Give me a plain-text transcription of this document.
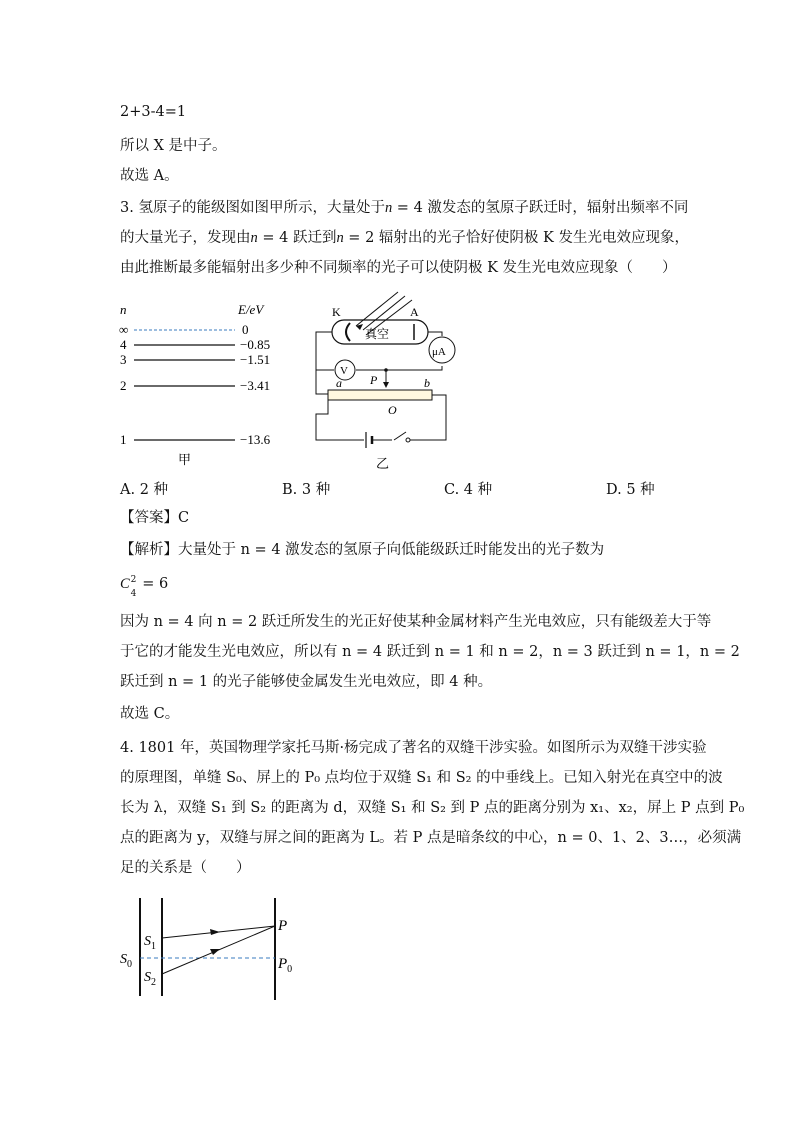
2+3-4=1
所以 X 是中子。
故选 A。
3. 氢原子的能级图如图甲所示，大量处于n = 4 激发态的氢原子跃迁时，辐射出频率不同
的大量光子，发现由n = 4 跃迁到n = 2 辐射出的光子恰好使阴极 K 发生光电效应现象，
由此推断最多能辐射出多少种不同频率的光子可以使阴极 K 发生光电效应现象（　　）
n	E/eV
∞	0
4	−0.85
3	−1.51
2	−3.41
1	−13.6
甲
K	A
真空
μA
V
P
a	b
O
乙
A. 2 种	B. 3 种	C. 4 种	D. 5 种
【答案】C
【解析】大量处于 n = 4 激发态的氢原子向低能级跃迁时能发出的光子数为
C 2
4
= 6
因为 n = 4 向 n = 2 跃迁所发生的光正好使某种金属材料产生光电效应，只有能级差大于等
于它的才能发生光电效应，所以有 n = 4 跃迁到 n = 1 和 n = 2，n = 3 跃迁到 n = 1，n = 2
跃迁到 n = 1 的光子能够使金属发生光电效应，即 4 种。
故选 C。
4. 1801 年，英国物理学家托马斯·杨完成了著名的双缝干涉实验。如图所示为双缝干涉实验
的原理图，单缝 S₀、屏上的 P₀ 点均位于双缝 S₁ 和 S₂ 的中垂线上。已知入射光在真空中的波
长为 λ，双缝 S₁ 到 S₂ 的距离为 d，双缝 S₁ 和 S₂ 到 P 点的距离分别为 x₁、x₂，屏上 P 点到 P₀
点的距离为 y，双缝与屏之间的距离为 L。若 P 点是暗条纹的中心，n = 0、1、2、3…，必须满
足的关系是（　　）
$S_0$
$S_1$
$S_2$
P
$P_0$
